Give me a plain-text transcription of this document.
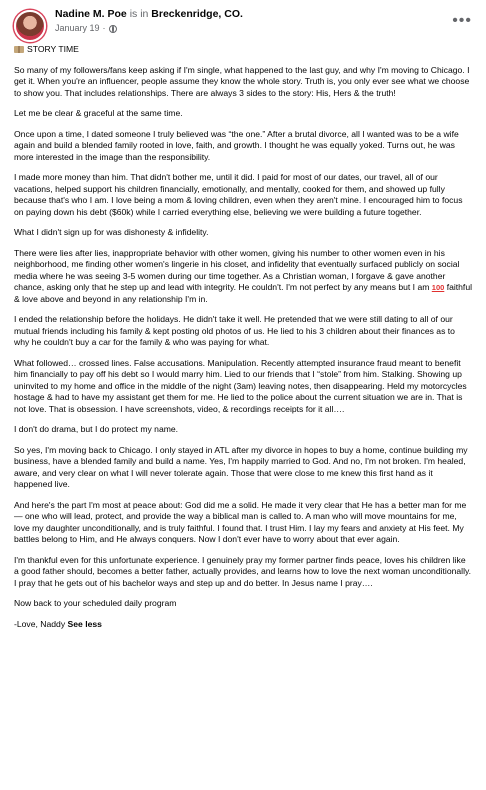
Nadine M. Poe is in Breckenridge, CO.
January 19 ·	•••

STORY TIME

So many of my followers/fans keep asking if I'm single, what happened to the last guy, and why I'm moving to Chicago. I get it. When you're an influencer, people assume they know the whole story. Truth is, you only ever see what we choose to show you. That includes relationships. There are always 3 sides to the story: His, Hers & the truth!

Let me be clear & graceful at the same time.

Once upon a time, I dated someone I truly believed was “the one.” After a brutal divorce, all I wanted was to be a wife again and build a blended family rooted in love, faith, and growth. I thought he was equally yoked. Turns out, he was more interested in the image than the responsibility.

I made more money than him. That didn't bother me, until it did. I paid for most of our dates, our travel, all of our vacations, helped support his children financially, emotionally, and mentally, cooked for them, and showed up fully because that's who I am. I love being a mom & loving children, even when they aren't mine. I encouraged him to focus on paying down his debt ($60k) while I carried everything else, believing we were building a future together.

What I didn't sign up for was dishonesty & infidelity.

There were lies after lies, inappropriate behavior with other women, giving his number to other women even in his neighborhood, me finding other women's lingerie in his closet, and infidelity that eventually surfaced publicly on social media where he was seeing 3-5 women during our time together. As a Christian woman, I forgave & gave another chance, asking only that he step up and lead with integrity. He couldn't. I'm not perfect by any means but I am 100 faithful & love above and beyond in any relationship I'm in.

I ended the relationship before the holidays. He didn't take it well. He pretended that we were still dating to all of our mutual friends including his family & kept posting old photos of us. He lied to his 3 children about their finances as to why he couldn't buy a car for the family & who was paying for what.

What followed… crossed lines. False accusations. Manipulation. Recently attempted insurance fraud meant to benefit him financially to pay off his debt so I would marry him. Lied to our friends that I “stole” from him. Stalking. Showing up uninvited to my home and office in the middle of the night (3am) leaving notes, then disappearing. Held my motorcycles hostage & had to have my assistant get them for me. He lied to the police about the current situation we are in. That is not love. That is obsession. I have screenshots, video, & recordings receipts for it all….

I don't do drama, but I do protect my name.

So yes, I'm moving back to Chicago. I only stayed in ATL after my divorce in hopes to buy a home, continue building my business, have a blended family and build a name. Yes, I'm happily married to God. And no, I'm not broken. I'm healed, aware, and very clear on what I will never tolerate again. Those that were close to me knew this first hand as it happened live.

And here's the part I'm most at peace about: God did me a solid. He made it very clear that He has a better man for me — one who will lead, protect, and provide the way a biblical man is called to. A man who will move mountains for me, love my daughter unconditionally, and is truly faithful. I found that. I trust Him. I lay my fears and anxiety at His feet. My battles belong to Him, and He always conquers. Now I don't ever have to worry about that ever again.

I'm thankful even for this unfortunate experience. I genuinely pray my former partner finds peace, loves his children like a good father should, becomes a better father, actually provides, and learns how to love the next woman unconditionally. I pray that he gets out of his bachelor ways and step up and do better. In Jesus name I pray….

Now back to your scheduled daily program

-Love, Naddy See less
